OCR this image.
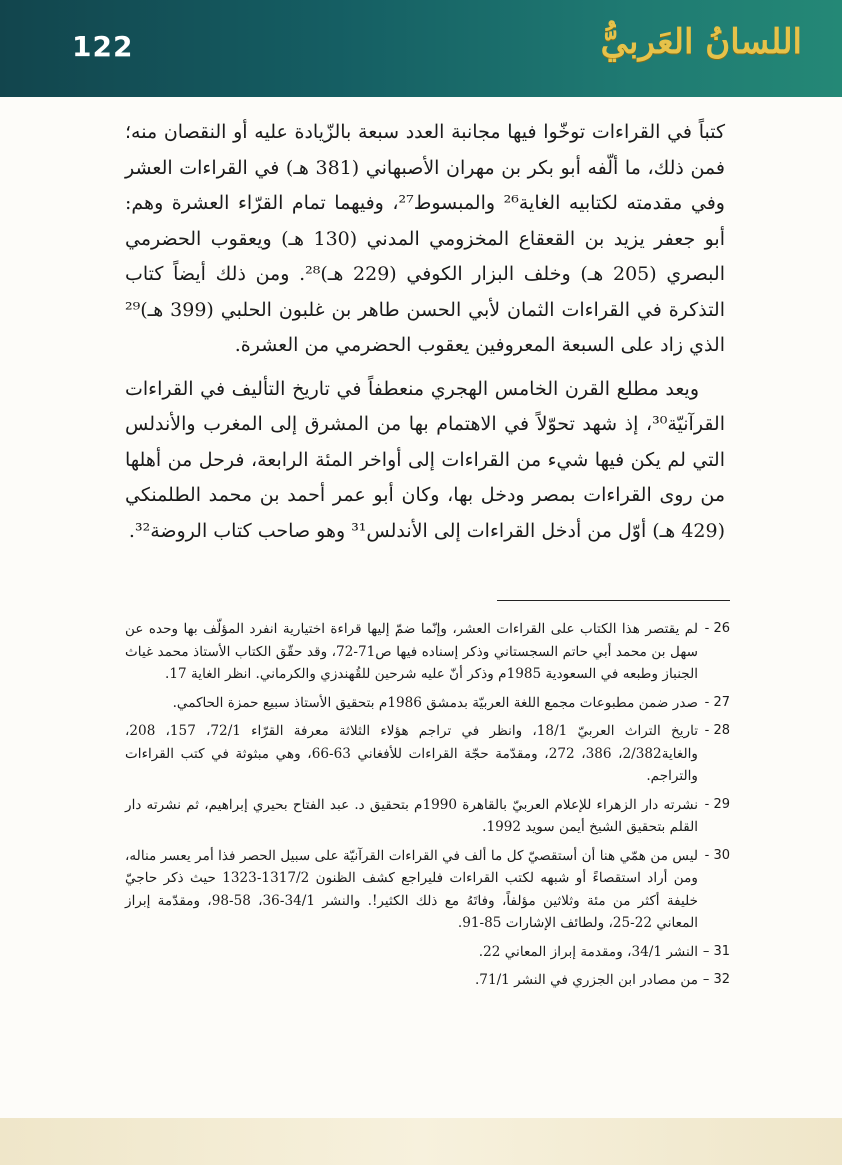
122	اللسانُ العَربيُّ

كتباً في القراءات توخّوا فيها مجانبة العدد سبعة بالزّيادة عليه أو النقصان منه؛ فمن ذلك، ما ألّفه أبو بكر بن مهران الأصبهاني (381 هـ) في القراءات العشر وفي مقدمته لكتابيه الغاية²⁶ والمبسوط²⁷، وفيهما تمام القرّاء العشرة وهم: أبو جعفر يزيد بن القعقاع المخزومي المدني (130 هـ) ويعقوب الحضرمي البصري (205 هـ) وخلف البزار الكوفي (229 هـ)²⁸. ومن ذلك أيضاً كتاب التذكرة في القراءات الثمان لأبي الحسن طاهر بن غلبون الحلبي (399 هـ)²⁹ الذي زاد على السبعة المعروفين يعقوب الحضرمي من العشرة.

ويعد مطلع القرن الخامس الهجري منعطفاً في تاريخ التأليف في القراءات القرآنيّة³⁰، إذ شهد تحوّلاً في الاهتمام بها من المشرق إلى المغرب والأندلس التي لم يكن فيها شيء من القراءات إلى أواخر المئة الرابعة، فرحل من أهلها من روى القراءات بمصر ودخل بها، وكان أبو عمر أحمد بن محمد الطلمنكي (429 هـ) أوّل من أدخل القراءات إلى الأندلس³¹ وهو صاحب كتاب الروضة³².

26 -
لم يقتصر هذا الكتاب على القراءات العشر، وإنّما ضمّ إليها قراءة اختيارية انفرد المؤلّف بها وحده عن سهل بن محمد أبي حاتم السجستاني وذكر إسناده فيها ص71-72، وقد حقّق الكتاب الأستاذ محمد غياث الجنباز وطبعه في السعودية 1985م وذكر أنّ عليه شرحين للقُهندزي والكرماني. انظر الغاية 17.
27 -
صدر ضمن مطبوعات مجمع اللغة العربيّة بدمشق 1986م بتحقيق الأستاذ سبيع حمزة الحاكمي.
28 -
تاريخ التراث العربيّ 18/1، وانظر في تراجم هؤلاء الثلاثة معرفة القرّاء 72/1، 157، 208، والغاية2/382، 386، 272، ومقدّمة حجّة القراءات للأفغاني 63-66، وهي مبثوثة في كتب القراءات والتراجم.
29 -
نشرته دار الزهراء للإعلام العربيّ بالقاهرة 1990م بتحقيق د. عبد الفتاح بحيري إبراهيم، ثم نشرته دار القلم بتحقيق الشيخ أيمن سويد 1992.
30 -
ليس من همّي هنا أن أستقصيّ كل ما ألف في القراءات القرآنيّة على سبيل الحصر فذا أمر يعسر مناله، ومن أراد استقصاءً أو شبهه لكتب القراءات فليراجع كشف الظنون 1317/2-1323 حيث ذكر حاجيّ خليفة أكثر من مئة وثلاثين مؤلفاً، وفاتَهُ مع ذلك الكثير!. والنشر 34/1-36، 58-98، ومقدّمة إبراز المعاني 22-25، ولطائف الإشارات 85-91.
31 –
النشر 34/1، ومقدمة إبراز المعاني 22.
32 –
من مصادر ابن الجزري في النشر 71/1.
